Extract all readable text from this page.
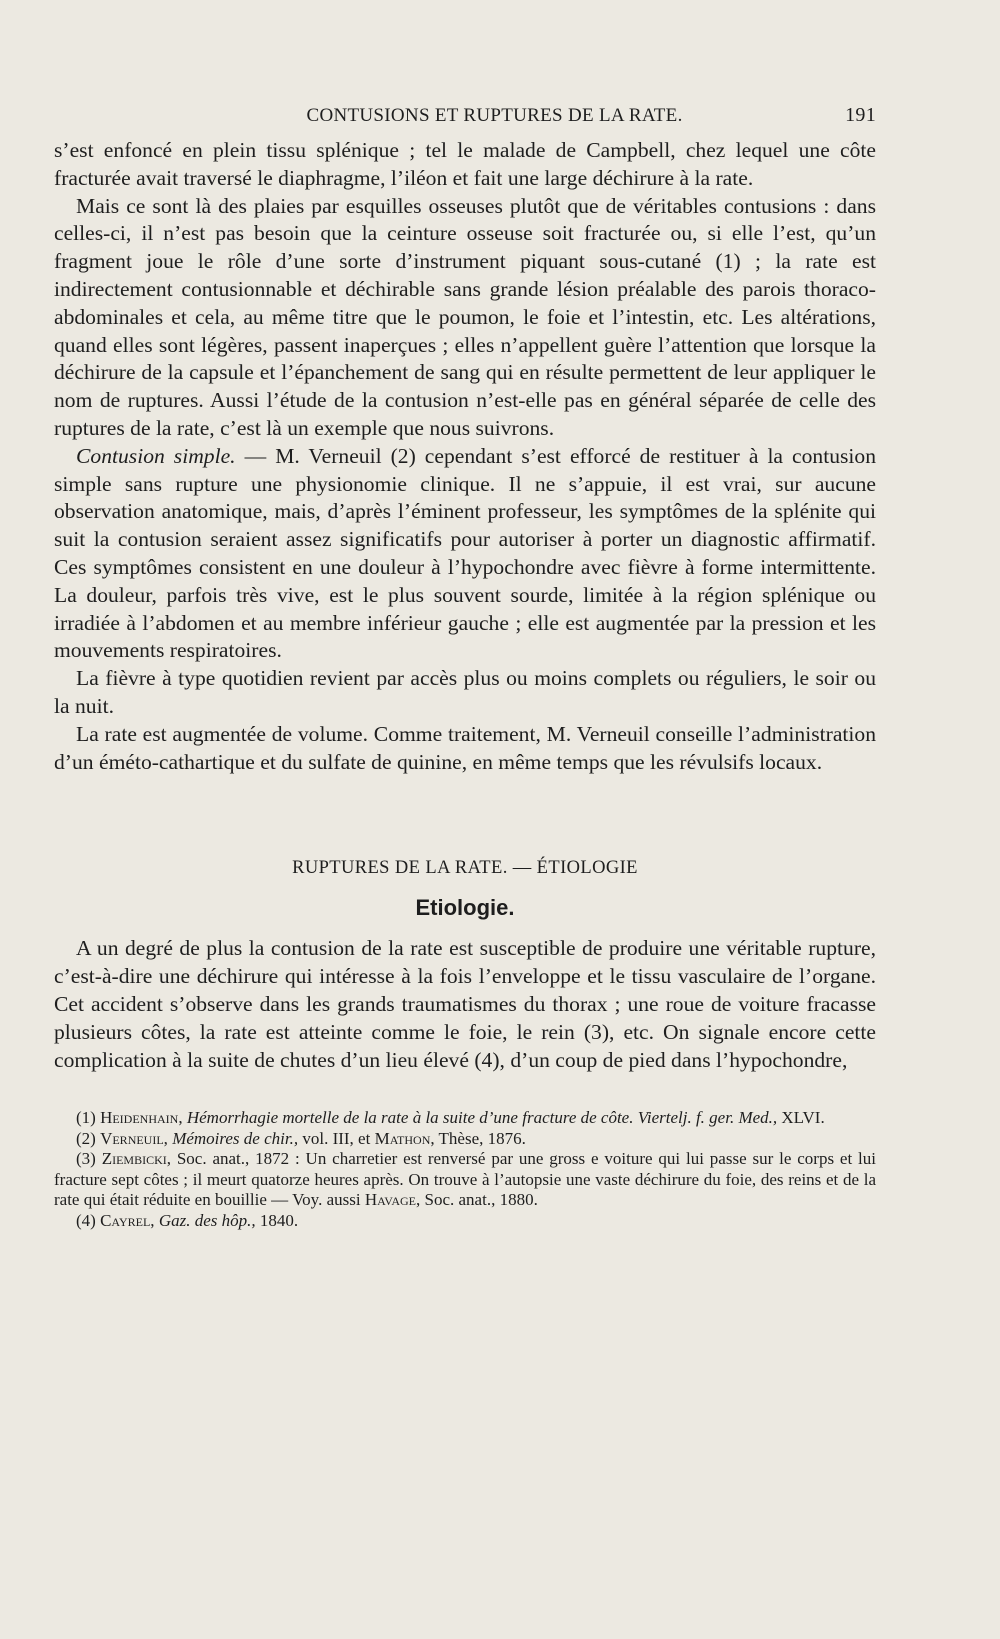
CONTUSIONS ET RUPTURES DE LA RATE.	191

s’est enfoncé en plein tissu splénique ; tel le malade de Campbell, chez lequel une côte fracturée avait traversé le diaphragme, l’iléon et fait une large déchirure à la rate.

Mais ce sont là des plaies par esquilles osseuses plutôt que de véritables contusions : dans celles-ci, il n’est pas besoin que la ceinture osseuse soit fracturée ou, si elle l’est, qu’un fragment joue le rôle d’une sorte d’instrument piquant sous-cutané (1) ; la rate est indirectement contusionnable et déchirable sans grande lésion préalable des parois thoraco-abdominales et cela, au même titre que le poumon, le foie et l’intestin, etc. Les altérations, quand elles sont légères, passent inaperçues ; elles n’appellent guère l’attention que lorsque la déchirure de la capsule et l’épanchement de sang qui en résulte permettent de leur appliquer le nom de ruptures. Aussi l’étude de la contusion n’est-elle pas en général séparée de celle des ruptures de la rate, c’est là un exemple que nous suivrons.

Contusion simple. — M. Verneuil (2) cependant s’est efforcé de restituer à la contusion simple sans rupture une physionomie clinique. Il ne s’appuie, il est vrai, sur aucune observation anatomique, mais, d’après l’éminent professeur, les symptômes de la splénite qui suit la contusion seraient assez significatifs pour autoriser à porter un diagnostic affirmatif. Ces symptômes consistent en une douleur à l’hypochondre avec fièvre à forme intermittente. La douleur, parfois très vive, est le plus souvent sourde, limitée à la région splénique ou irradiée à l’abdomen et au membre inférieur gauche ; elle est augmentée par la pression et les mouvements respiratoires.

La fièvre à type quotidien revient par accès plus ou moins complets ou réguliers, le soir ou la nuit.

La rate est augmentée de volume. Comme traitement, M. Verneuil conseille l’administration d’un éméto-cathartique et du sulfate de quinine, en même temps que les révulsifs locaux.

RUPTURES DE LA RATE. — ÉTIOLOGIE
Etiologie.

A un degré de plus la contusion de la rate est susceptible de produire une véritable rupture, c’est-à-dire une déchirure qui intéresse à la fois l’enveloppe et le tissu vasculaire de l’organe. Cet accident s’observe dans les grands traumatismes du thorax ; une roue de voiture fracasse plusieurs côtes, la rate est atteinte comme le foie, le rein (3), etc. On signale encore cette complication à la suite de chutes d’un lieu élevé (4), d’un coup de pied dans l’hypochondre,

(1) Heidenhain, Hémorrhagie mortelle de la rate à la suite d’une fracture de côte. Viertelj. f. ger. Med., XLVI.

(2) Verneuil, Mémoires de chir., vol. III, et Mathon, Thèse, 1876.

(3) Ziembicki, Soc. anat., 1872 : Un charretier est renversé par une gross e voiture qui lui passe sur le corps et lui fracture sept côtes ; il meurt quatorze heures après. On trouve à l’autopsie une vaste déchirure du foie, des reins et de la rate qui était réduite en bouillie — Voy. aussi Havage, Soc. anat., 1880.

(4) Cayrel, Gaz. des hôp., 1840.
